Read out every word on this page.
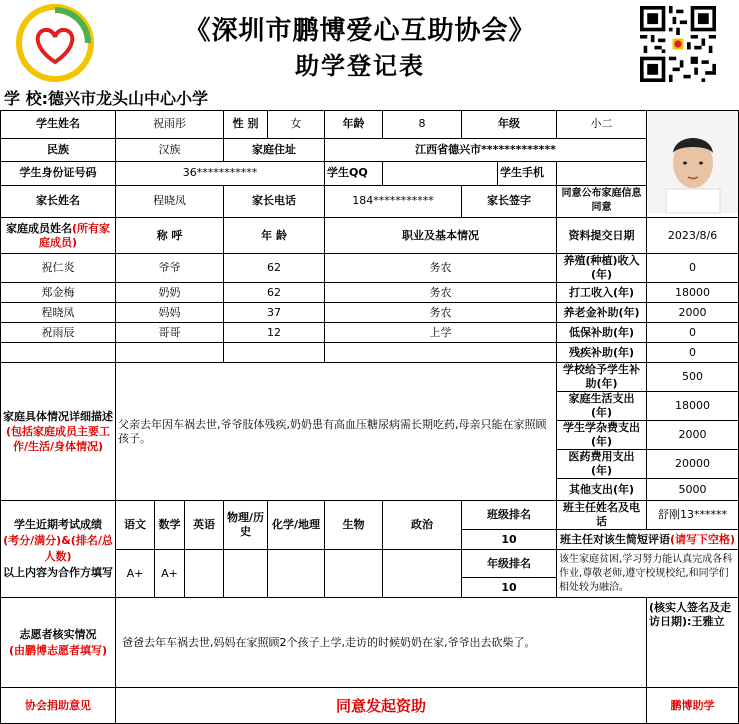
《深圳市鹏博爱心互助协会》
助学登记表
学 校:德兴市龙头山中心小学
学生姓名	祝雨彤			性 别	女	年龄	8	年级		小二	
民族	汉族			家庭住址		江西省德兴市*************					
学生身份证号码	36***********					学生QQ			学生手机		
家长姓名	程晓凤			家长电话		184***********		家长签字		同意公布家庭信息同意	
家庭成员姓名(所有家庭成员)	称 呼			年 龄		职业及基本情况				资料提交日期	2023/8/6
祝仁炎	爷爷			62		务农				养殖(种植)收入(年)	0
郑金梅	奶奶			62		务农				打工收入(年)	18000
程晓凤	妈妈			37		务农				养老金补助(年)	2000
祝雨辰	哥哥			12		上学				低保补助(年)	0
										残疾补助(年)	0
家庭具体情况详细描述(包括家庭成员主要工作/生活/身体情况)	父亲去年因车祸去世,爷爷肢体残疾,奶奶患有高血压糖尿病需长期吃药,母亲只能在家照顾孩子。									学校给予学生补助(年)	500
										家庭生活支出(年)	18000
										学生学杂费支出(年)	2000
										医药费用支出(年)	20000
										其他支出(年)	5000
学生近期考试成绩
(考分/满分)&(排名/总人数)
以上内容为合作方填写	语文	数学	英语	物理/历史	化学/地理	生物	政治	班级排名		班主任姓名及电话	舒刚13******
								10		班主任对该生简短评语(请写下空格)	
	A+	A+						年级排名		该生家庭贫困,学习努力能认真完成各科作业,尊敬老师,遵守校规校纪,和同学们相处较为融洽。	
								10			
志愿者核实情况
(由鹏博志愿者填写)	爸爸去年车祸去世,妈妈在家照顾2个孩子上学,走访的时候奶奶在家,爷爷出去砍柴了。										(核实人签名及走访日期):王雅立
协会捐助意见	同意发起资助										鹏博助学
